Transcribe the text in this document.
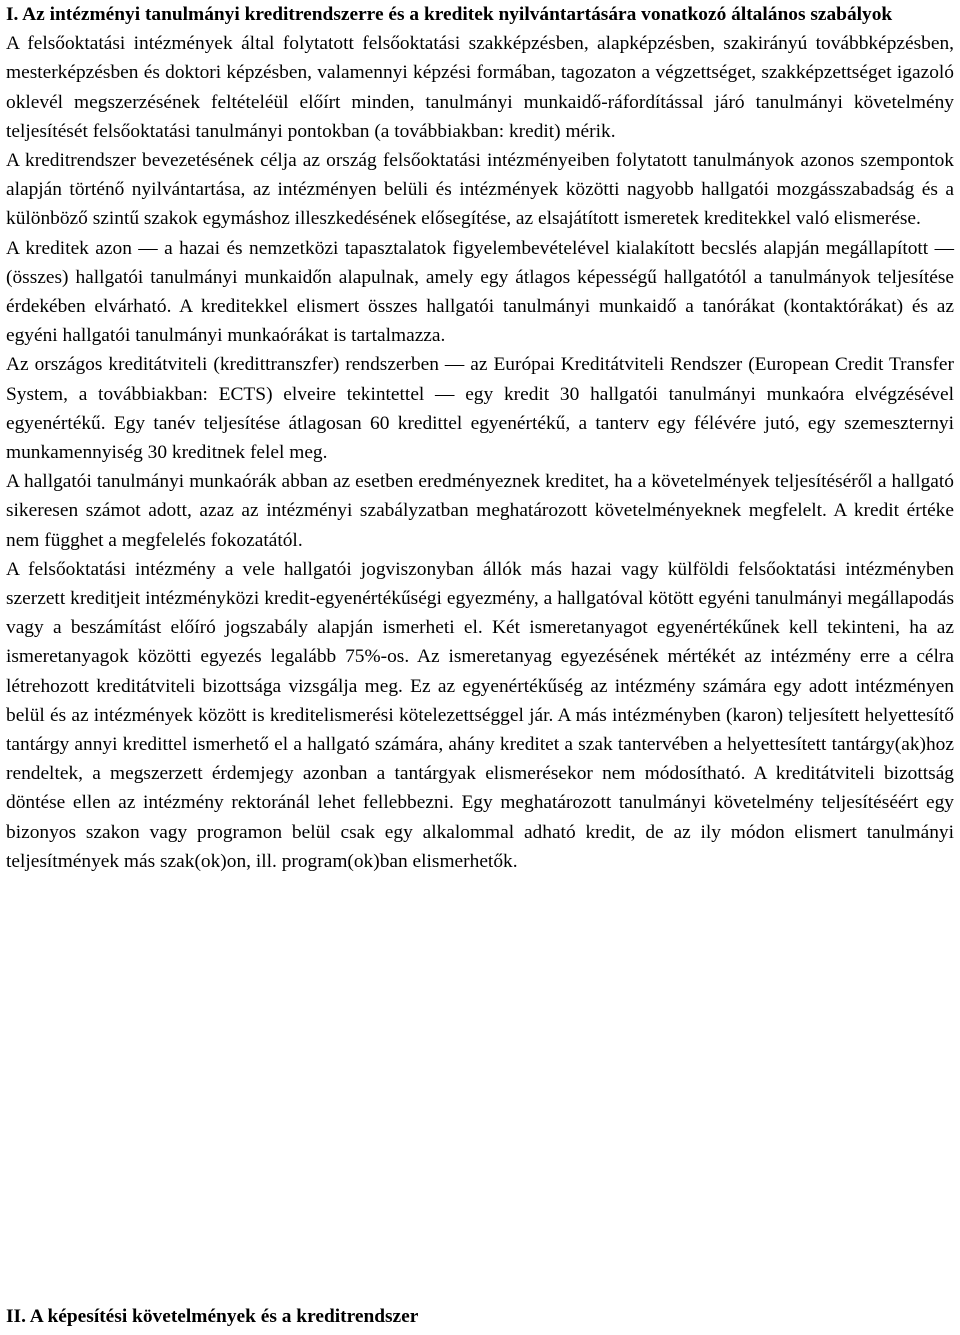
I. Az intézményi tanulmányi kreditrendszerre és a kreditek nyilvántartására vonatkozó általános szabályok

A felsőoktatási intézmények által folytatott felsőoktatási szakképzésben, alapképzésben, szakirányú továbbképzésben, mesterképzésben és doktori képzésben, valamennyi képzési formában, tagozaton a végzettséget, szakképzettséget igazoló oklevél megszerzésének feltételéül előírt minden, tanulmányi munkaidő-ráfordítással járó tanulmányi követelmény teljesítését felsőoktatási tanulmányi pontokban (a továbbiakban: kredit) mérik.

A kreditrendszer bevezetésének célja az ország felsőoktatási intézményeiben folytatott tanulmányok azonos szempontok alapján történő nyilvántartása, az intézményen belüli és intézmények közötti nagyobb hallgatói mozgásszabadság és a különböző szintű szakok egymáshoz illeszkedésének elősegítése, az elsajátított ismeretek kreditekkel való elismerése.

A kreditek azon — a hazai és nemzetközi tapasztalatok figyelembevételével kialakított becslés alapján megállapított — (összes) hallgatói tanulmányi munkaidőn alapulnak, amely egy átlagos képességű hallgatótól a tanulmányok teljesítése érdekében elvárható. A kreditekkel elismert összes hallgatói tanulmányi munkaidő a tanórákat (kontaktórákat) és az egyéni hallgatói tanulmányi munkaórákat is tartalmazza.

Az országos kreditátviteli (kredittranszfer) rendszerben — az Európai Kreditátviteli Rendszer (European Credit Transfer System, a továbbiakban: ECTS) elveire tekintettel — egy kredit 30 hallgatói tanulmányi munkaóra elvégzésével egyenértékű. Egy tanév teljesítése átlagosan 60 kredittel egyenértékű, a tanterv egy félévére jutó, egy szemeszternyi munkamennyiség 30 kreditnek felel meg.

A hallgatói tanulmányi munkaórák abban az esetben eredményeznek kreditet, ha a követelmények teljesítéséről a hallgató sikeresen számot adott, azaz az intézményi szabályzatban meghatározott követelményeknek megfelelt. A kredit értéke nem függhet a megfelelés fokozatától.

A felsőoktatási intézmény a vele hallgatói jogviszonyban állók más hazai vagy külföldi felsőoktatási intézményben szerzett kreditjeit intézményközi kredit-egyenértékűségi egyezmény, a hallgatóval kötött egyéni tanulmányi megállapodás vagy a beszámítást előíró jogszabály alapján ismerheti el. Két ismeretanyagot egyenértékűnek kell tekinteni, ha az ismeretanyagok közötti egyezés legalább 75%-os. Az ismeretanyag egyezésének mértékét az intézmény erre a célra létrehozott kreditátviteli bizottsága vizsgálja meg. Ez az egyenértékűség az intézmény számára egy adott intézményen belül és az intézmények között is kreditelismerési kötelezettséggel jár. A más intézményben (karon) teljesített helyettesítő tantárgy annyi kredittel ismerhető el a hallgató számára, ahány kreditet a szak tantervében a helyettesített tantárgy(ak)hoz rendeltek, a megszerzett érdemjegy azonban a tantárgyak elismerésekor nem módosítható. A kreditátviteli bizottság döntése ellen az intézmény rektoránál lehet fellebbezni. Egy meghatározott tanulmányi követelmény teljesítéséért egy bizonyos szakon vagy programon belül csak egy alkalommal adható kredit, de az ily módon elismert tanulmányi teljesítmények más szak(ok)on, ill. program(ok)ban elismerhetők.

II. A képesítési követelmények és a kreditrendszer
